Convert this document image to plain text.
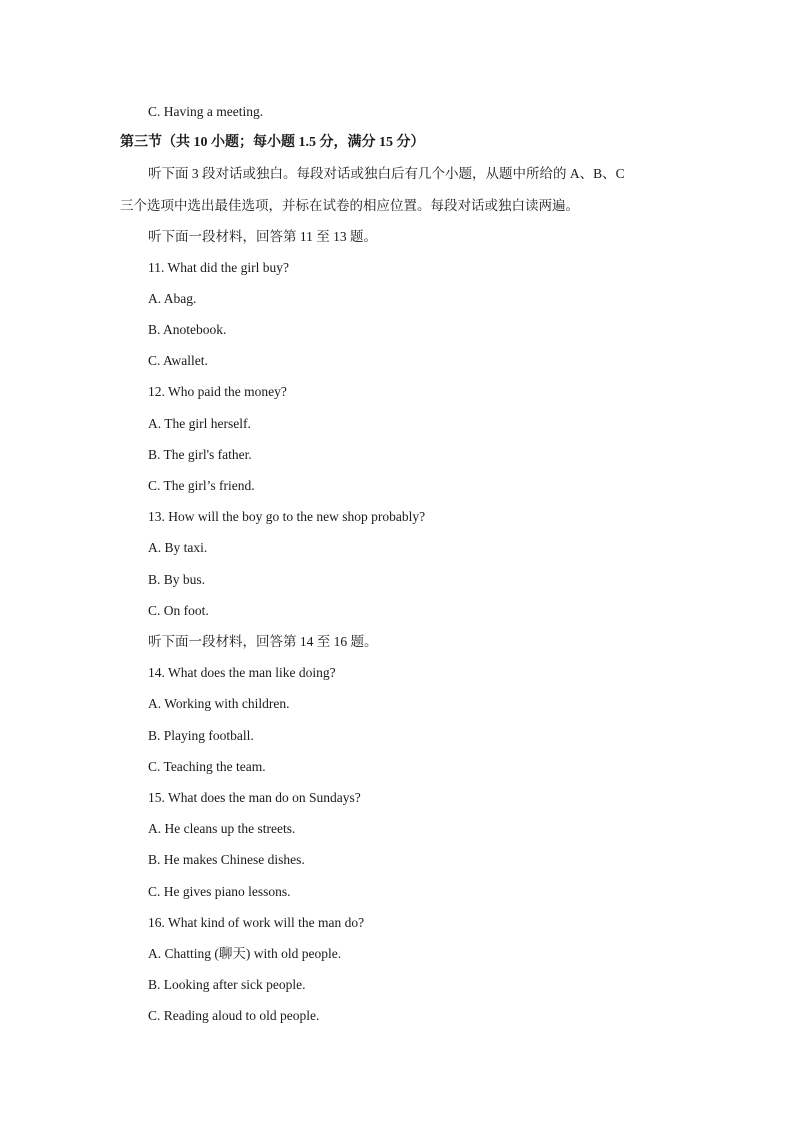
C. Having a meeting.
第三节（共 10 小题；每小题 1.5 分，满分 15 分）
听下面 3 段对话或独白。每段对话或独白后有几个小题，从题中所给的 A、B、C
三个选项中选出最佳选项，并标在试卷的相应位置。每段对话或独白读两遍。
听下面一段材料，回答第 11 至 13 题。
11. What did the girl buy?
A. Abag.
B. Anotebook.
C. Awallet.
12. Who paid the money?
A. The girl herself.
B. The girl's father.
C. The girl’s friend.
13. How will the boy go to the new shop probably?
A. By taxi.
B. By bus.
C. On foot.
听下面一段材料，回答第 14 至 16 题。
14. What does the man like doing?
A. Working with children.
B. Playing football.
C. Teaching the team.
15. What does the man do on Sundays?
A. He cleans up the streets.
B. He makes Chinese dishes.
C. He gives piano lessons.
16. What kind of work will the man do?
A. Chatting (聊天) with old people.
B. Looking after sick people.
C. Reading aloud to old people.
